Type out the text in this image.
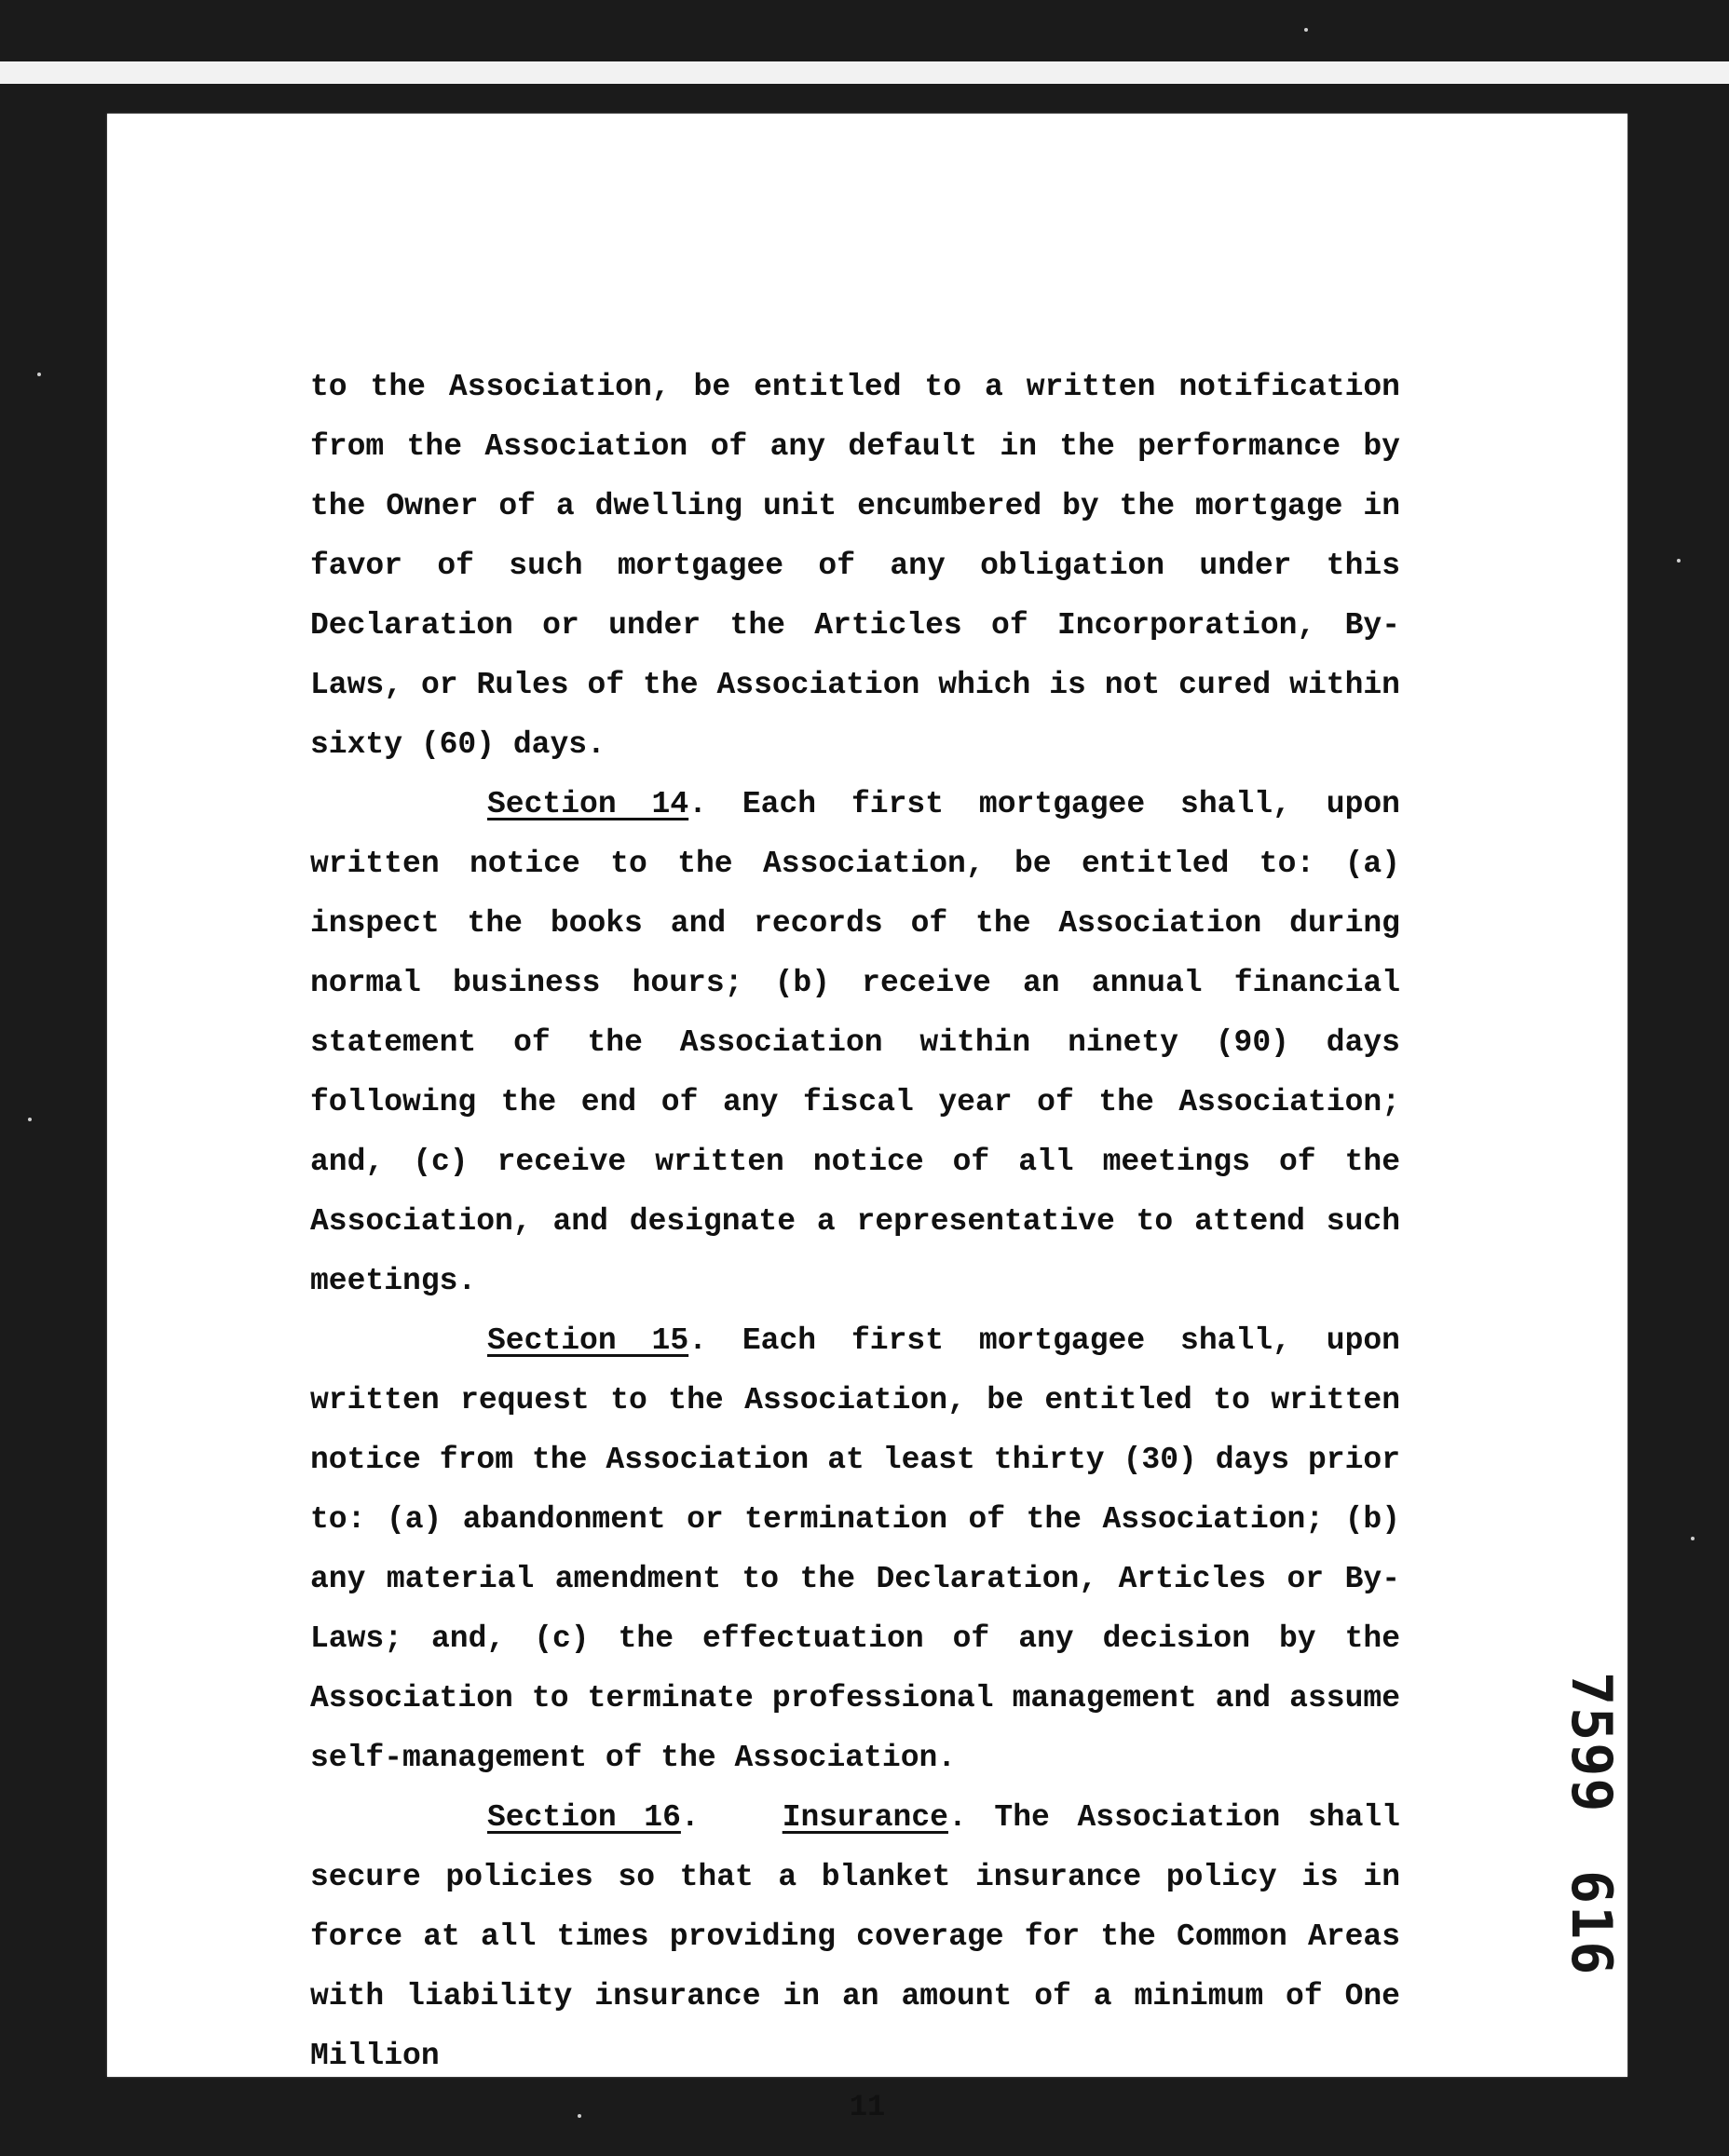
to the Association, be entitled to a written notification from the Association of any default in the performance by the Owner of a dwelling unit encumbered by the mortgage in favor of such mortgagee of any obligation under this Declaration or under the Articles of Incorporation, By-Laws, or Rules of the Association which is not cured within sixty (60) days.

Section 14. Each first mortgagee shall, upon written notice to the Association, be entitled to: (a) inspect the books and records of the Association during normal business hours; (b) receive an annual financial statement of the Association within ninety (90) days following the end of any fiscal year of the Association; and, (c) receive written notice of all meetings of the Association, and designate a representative to attend such meetings.

Section 15. Each first mortgagee shall, upon written request to the Association, be entitled to written notice from the Association at least thirty (30) days prior to: (a) abandonment or termination of the Association; (b) any material amendment to the Declaration, Articles or By-Laws; and, (c) the effectuation of any decision by the Association to terminate professional management and assume self-management of the Association.

Section 16.   Insurance. The Association shall secure policies so that a blanket insurance policy is in force at all times providing coverage for the Common Areas with liability insurance in an amount of a minimum of One Million

11
7599616
